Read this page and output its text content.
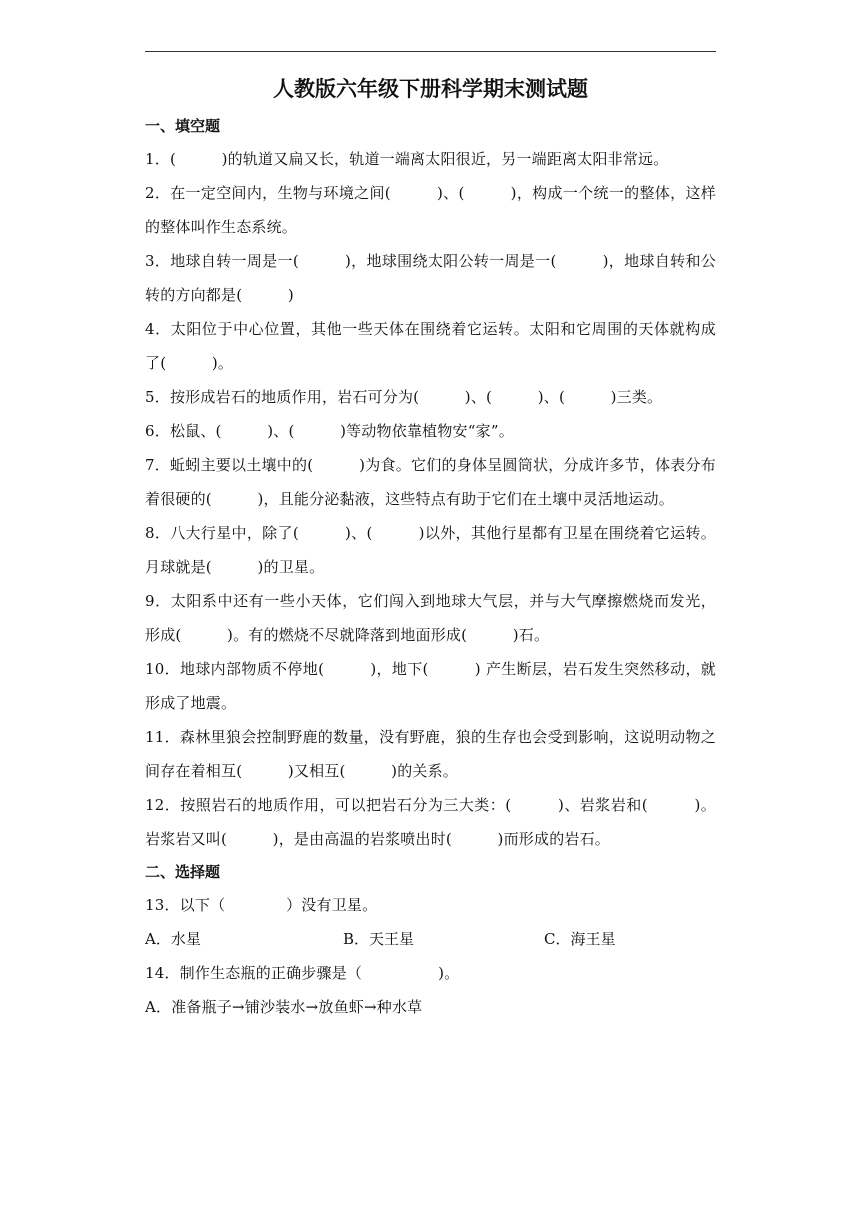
人教版六年级下册科学期末测试题
一、填空题
1．(　　　)的轨道又扁又长，轨道一端离太阳很近，另一端距离太阳非常远。
2．在一定空间内，生物与环境之间(　　　)、(　　　)，构成一个统一的整体，这样的整体叫作生态系统。
3．地球自转一周是一(　　　)，地球围绕太阳公转一周是一(　　　)，地球自转和公转的方向都是(　　　)
4．太阳位于中心位置，其他一些天体在围绕着它运转。太阳和它周围的天体就构成了(　　　)。
5．按形成岩石的地质作用，岩石可分为(　　　)、(　　　)、(　　　)三类。
6．松鼠、(　　　)、(　　　)等动物依靠植物安“家”。
7．蚯蚓主要以土壤中的(　　　)为食。它们的身体呈圆筒状，分成许多节，体表分布着很硬的(　　　)，且能分泌黏液，这些特点有助于它们在土壤中灵活地运动。
8．八大行星中，除了(　　　)、(　　　)以外，其他行星都有卫星在围绕着它运转。月球就是(　　　)的卫星。
9．太阳系中还有一些小天体，它们闯入到地球大气层，并与大气摩擦燃烧而发光，形成(　　　)。有的燃烧不尽就降落到地面形成(　　　)石。
10．地球内部物质不停地(　　　)，地下(　　　) 产生断层，岩石发生突然移动，就形成了地震。
11．森林里狼会控制野鹿的数量，没有野鹿，狼的生存也会受到影响，这说明动物之间存在着相互(　　　)又相互(　　　)的关系。
12．按照岩石的地质作用，可以把岩石分为三大类：(　　　)、岩浆岩和(　　　)。岩浆岩又叫(　　　)，是由高温的岩浆喷出时(　　　)而形成的岩石。
二、选择题
13．以下（　　　　）没有卫星。
A．水星	B．天王星	C．海王星
14．制作生态瓶的正确步骤是（　　　　　)。
A．准备瓶子→铺沙装水→放鱼虾→种水草
